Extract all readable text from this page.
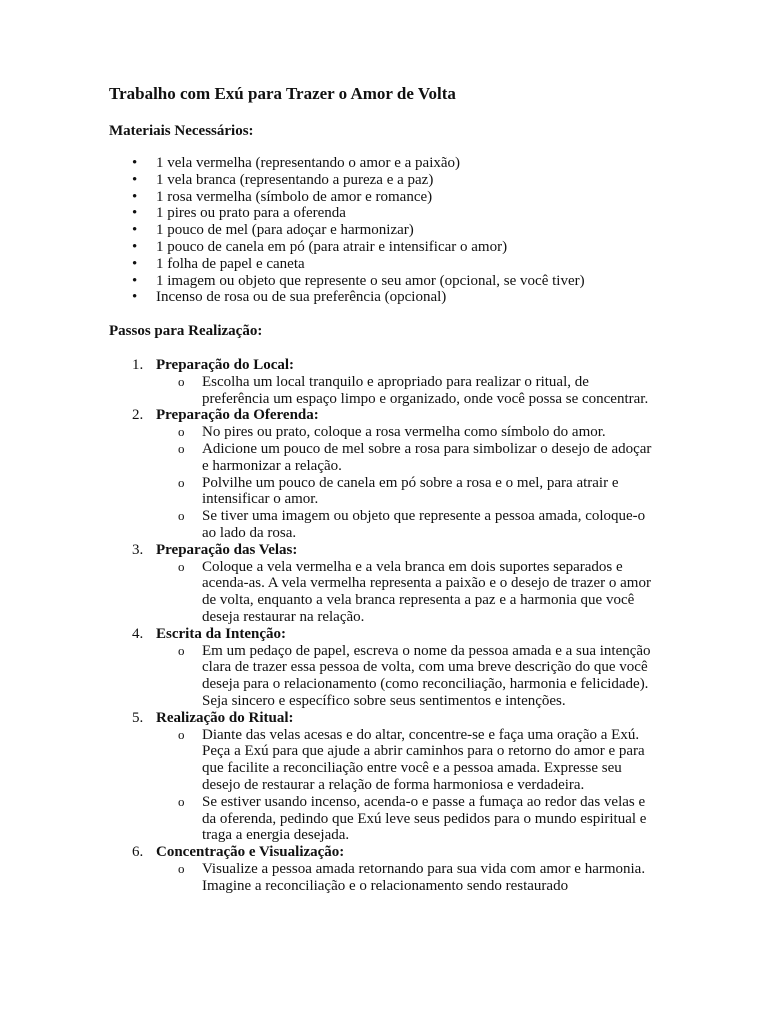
Trabalho com Exú para Trazer o Amor de Volta
Materiais Necessários:
• 1 vela vermelha (representando o amor e a paixão)
• 1 vela branca (representando a pureza e a paz)
• 1 rosa vermelha (símbolo de amor e romance)
• 1 pires ou prato para a oferenda
• 1 pouco de mel (para adoçar e harmonizar)
• 1 pouco de canela em pó (para atrair e intensificar o amor)
• 1 folha de papel e caneta
• 1 imagem ou objeto que represente o seu amor (opcional, se você tiver)
• Incenso de rosa ou de sua preferência (opcional)
Passos para Realização:
1. Preparação do Local:
o Escolha um local tranquilo e apropriado para realizar o ritual, de preferência um espaço limpo e organizado, onde você possa se concentrar.
2. Preparação da Oferenda:
o No pires ou prato, coloque a rosa vermelha como símbolo do amor.
o Adicione um pouco de mel sobre a rosa para simbolizar o desejo de adoçar e harmonizar a relação.
o Polvilhe um pouco de canela em pó sobre a rosa e o mel, para atrair e intensificar o amor.
o Se tiver uma imagem ou objeto que represente a pessoa amada, coloque-o ao lado da rosa.
3. Preparação das Velas:
o Coloque a vela vermelha e a vela branca em dois suportes separados e acenda-as. A vela vermelha representa a paixão e o desejo de trazer o amor de volta, enquanto a vela branca representa a paz e a harmonia que você deseja restaurar na relação.
4. Escrita da Intenção:
o Em um pedaço de papel, escreva o nome da pessoa amada e a sua intenção clara de trazer essa pessoa de volta, com uma breve descrição do que você deseja para o relacionamento (como reconciliação, harmonia e felicidade). Seja sincero e específico sobre seus sentimentos e intenções.
5. Realização do Ritual:
o Diante das velas acesas e do altar, concentre-se e faça uma oração a Exú. Peça a Exú para que ajude a abrir caminhos para o retorno do amor e para que facilite a reconciliação entre você e a pessoa amada. Expresse seu desejo de restaurar a relação de forma harmoniosa e verdadeira.
o Se estiver usando incenso, acenda-o e passe a fumaça ao redor das velas e da oferenda, pedindo que Exú leve seus pedidos para o mundo espiritual e traga a energia desejada.
6. Concentração e Visualização:
o Visualize a pessoa amada retornando para sua vida com amor e harmonia. Imagine a reconciliação e o relacionamento sendo restaurado
